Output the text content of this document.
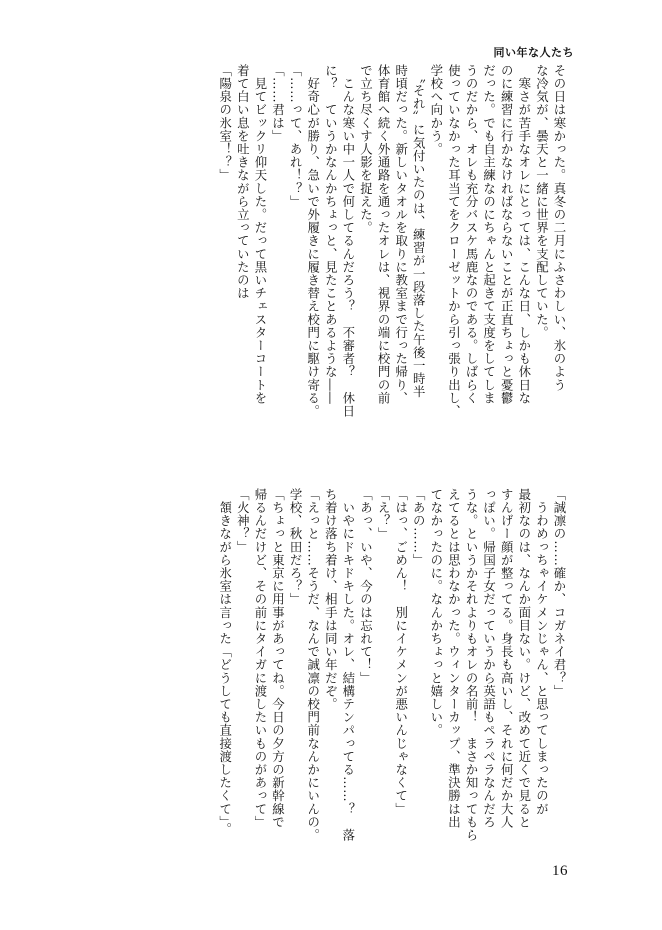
同い年な人たち

その日は寒かった。真冬の二月にふさわしい、氷のよう

な冷気が、曇天と一緒に世界を支配していた。

　寒さが苦手なオレにとっては、こんな日、しかも休日な

のに練習に行かなければならないことが正直ちょっと憂鬱

だった。でも自主練なのにちゃんと起きて支度をしてしま

うのだから、オレも充分バスケ馬鹿なのである。しばらく

使っていなかった耳当てをクローゼットから引っ張り出し、

学校へ向かう。

　〝それ〟に気付いたのは、練習が一段落した午後一時半

時頃だった。新しいタオルを取りに教室まで行った帰り、

体育館へ続く外通路を通ったオレは、視界の端に校門の前

で立ち尽くす人影を捉えた。

　こんな寒い中一人で何してるんだろう？　不審者？　休日

に？　ていうかなんかちょっと、見たことあるような――

　好奇心が勝り、急いで外履きに履き替え校門に駆け寄る。

「……って、あれ！？」

「……君は」

　見てビックリ仰天した。だって黒いチェスターコートを

着て白い息を吐きながら立っていたのは

「陽泉の氷室！？」

「誠凛の……確か、コガネイ君？」

　うわめっちゃイケメンじゃん、と思ってしまったのが

最初なのは、なんか面目ない。けど、改めて近くで見ると

すんげー顔が整ってる。身長も高いし、それに何だか大人

っぽい。帰国子女だっていうから英語もペラペラなんだろ

うな。というかそれよりもオレの名前！　まさか知ってもら

えてるとは思わなかった。ウィンターカップ、準決勝は出

てなかったのに。なんかちょっと嬉しい。

「あの……」

「はっ、ごめん！　別にイケメンが悪いんじゃなくて」

「え？」

「あっ、いや、今のは忘れて！」

　いやにドキドキした。オレ、結構テンパってる……？　落

ち着け落ち着け、相手は同い年だぞ。

「えっと……そうだ、なんで誠凛の校門前なんかにいんの。

学校、秋田だろ？」

「ちょっと東京に用事があってね。今日の夕方の新幹線で

帰るんだけど、その前にタイガに渡したいものがあって」

「火神？」

　頷きながら氷室は言った「どうしても直接渡したくて」。

16
